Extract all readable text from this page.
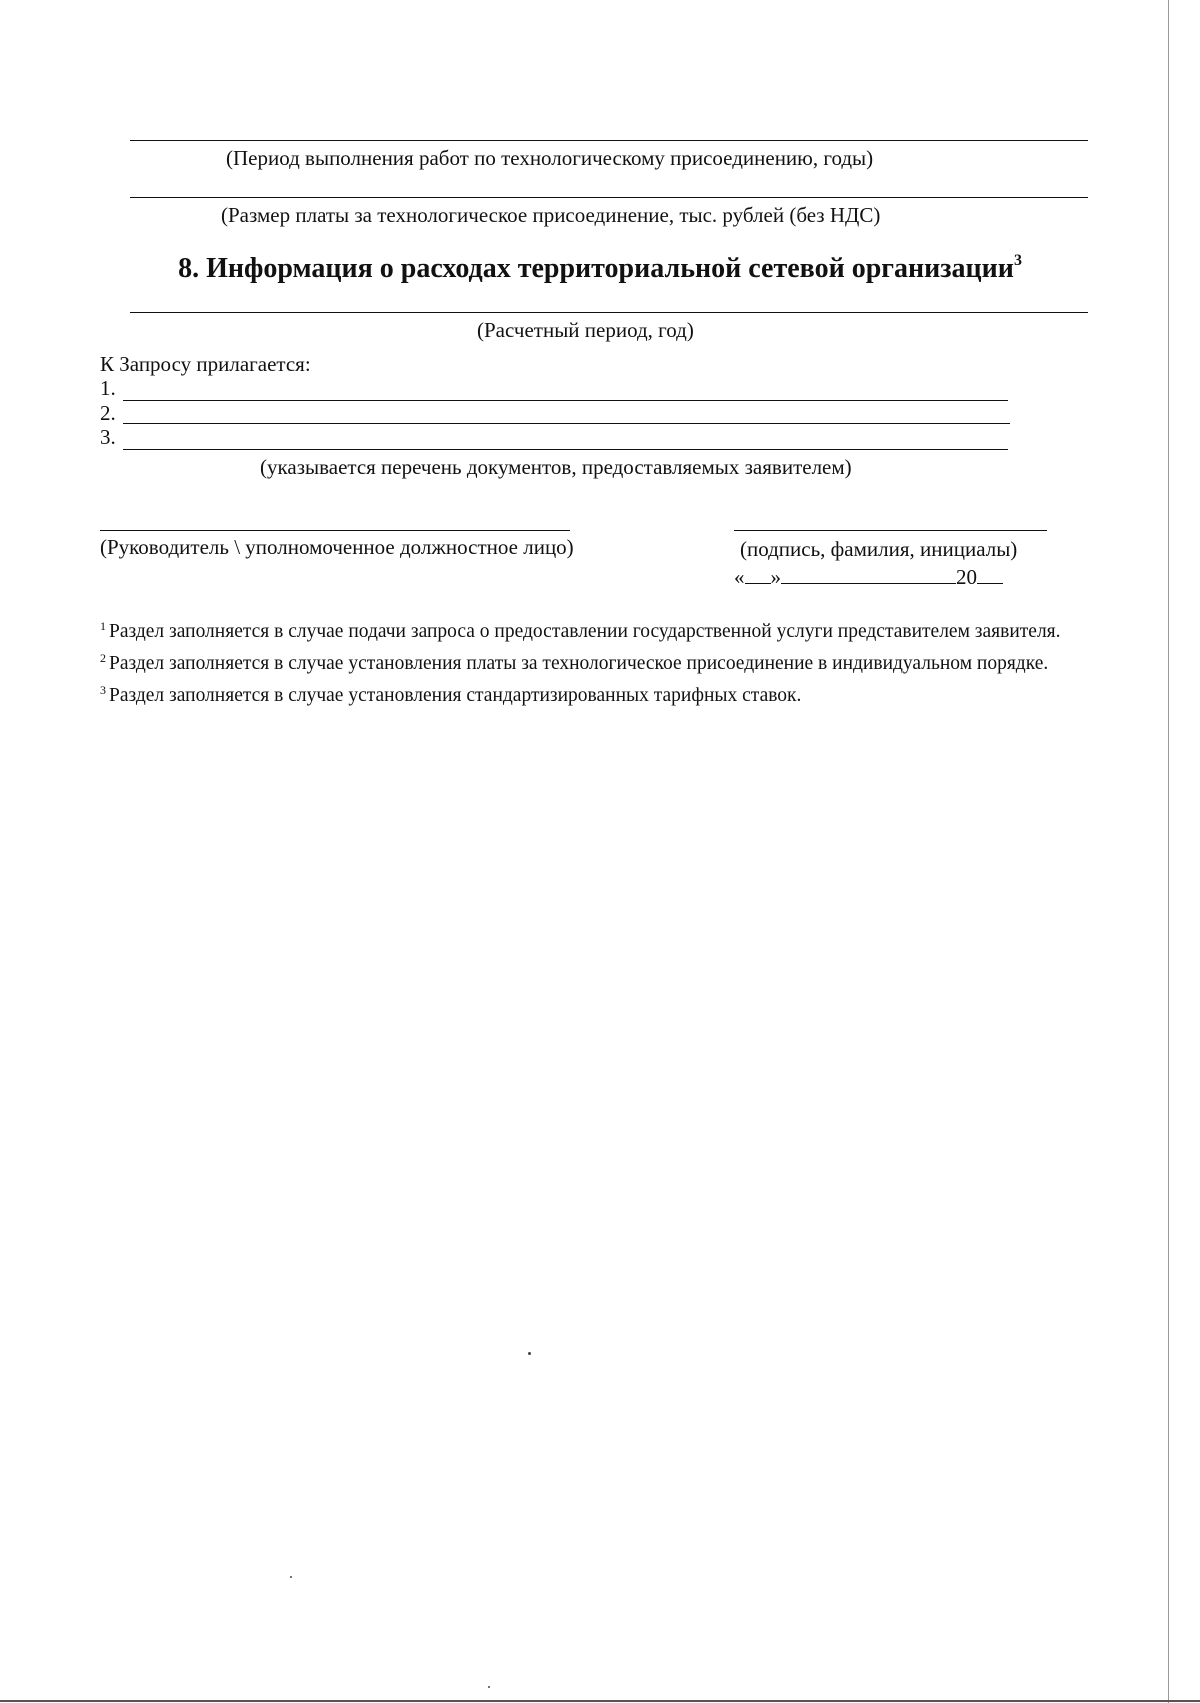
(Период выполнения работ по технологическому присоединению, годы)
(Размер платы за технологическое присоединение, тыс. рублей (без НДС)
8. Информация о расходах территориальной сетевой организации$^3$
(Расчетный период, год)
К Запросу прилагается:
1.
2.
3.
(указывается перечень документов, предоставляемых заявителем)
(Руководитель \ уполномоченное должностное лицо)	(подпись, фамилия, инициалы)
« »	20

$^1$ Раздел заполняется в случае подачи запроса о предоставлении государственной услуги представителем заявителя.

$^2$ Раздел заполняется в случае установления платы за технологическое присоединение в индивидуальном порядке.

$^3$ Раздел заполняется в случае установления стандартизированных тарифных ставок.
